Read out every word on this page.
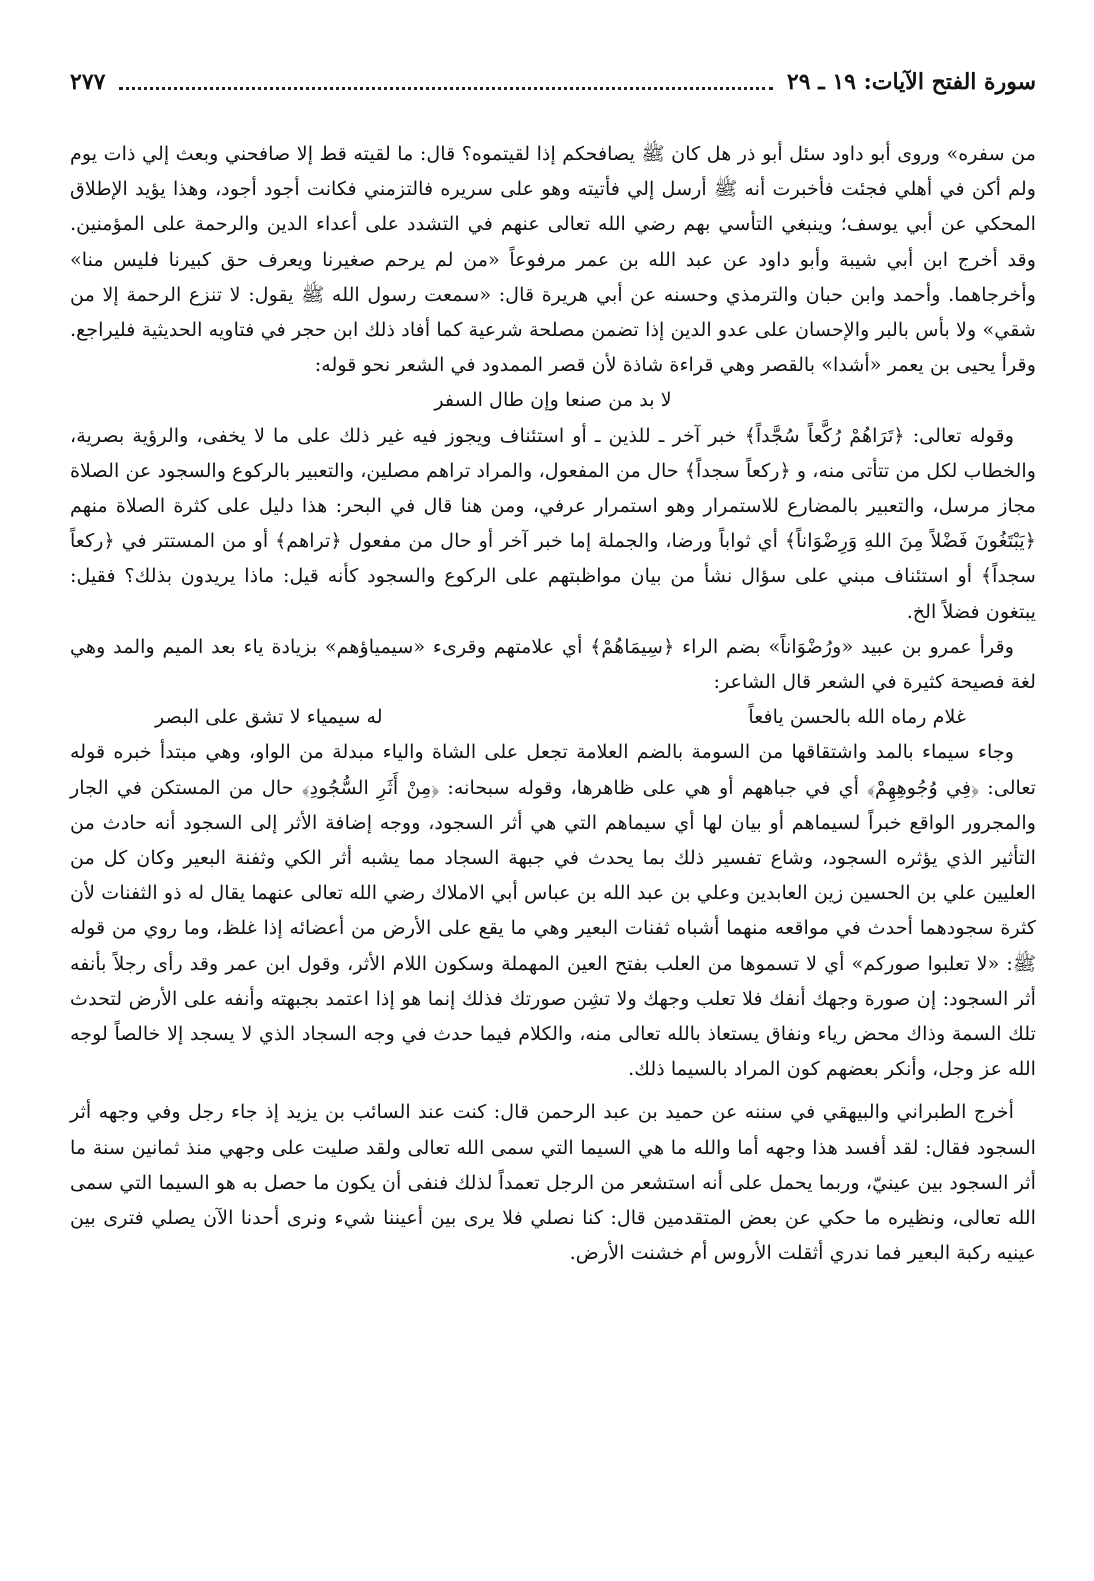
سورة الفتح الآيات: ١٩ ـ ٢٩
٢٧٧

من سفره» وروى أبو داود سئل أبو ذر هل كان ﷺ يصافحكم إذا لقيتموه؟ قال: ما لقيته قط إلا صافحني وبعث إلي ذات يوم ولم أكن في أهلي فجئت فأخبرت أنه ﷺ أرسل إلي فأتيته وهو على سريره فالتزمني فكانت أجود أجود، وهذا يؤيد الإطلاق المحكي عن أبي يوسف؛ وينبغي التأسي بهم رضي الله تعالى عنهم في التشدد على أعداء الدين والرحمة على المؤمنين. وقد أخرج ابن أبي شيبة وأبو داود عن عبد الله بن عمر مرفوعاً «من لم يرحم صغيرنا ويعرف حق كبيرنا فليس منا» وأخرجاهما. وأحمد وابن حبان والترمذي وحسنه عن أبي هريرة قال: «سمعت رسول الله ﷺ يقول: لا تنزع الرحمة إلا من شقي» ولا بأس بالبر والإحسان على عدو الدين إذا تضمن مصلحة شرعية كما أفاد ذلك ابن حجر في فتاويه الحديثية فليراجع. وقرأ يحيى بن يعمر «أشدا» بالقصر وهي قراءة شاذة لأن قصر الممدود في الشعر نحو قوله:

لا بد من صنعا وإن طال السفر

وقوله تعالى: ﴿تَرَاهُمْ رُكَّعاً سُجَّداً﴾ خبر آخر ـ للذين ـ أو استئناف ويجوز فيه غير ذلك على ما لا يخفى، والرؤية بصرية، والخطاب لكل من تتأتى منه، و ﴿ركعاً سجداً﴾ حال من المفعول، والمراد تراهم مصلين، والتعبير بالركوع والسجود عن الصلاة مجاز مرسل، والتعبير بالمضارع للاستمرار وهو استمرار عرفي، ومن هنا قال في البحر: هذا دليل على كثرة الصلاة منهم ﴿يَبْتَغُونَ فَضْلاً مِنَ اللهِ وَرِضْوَاناً﴾ أي ثواباً ورضا، والجملة إما خبر آخر أو حال من مفعول ﴿تراهم﴾ أو من المستتر في ﴿ركعاً سجداً﴾ أو استئناف مبني على سؤال نشأ من بيان مواظبتهم على الركوع والسجود كأنه قيل: ماذا يريدون بذلك؟ فقيل: يبتغون فضلاً الخ.

وقرأ عمرو بن عبيد «ورُضْوَاناً» بضم الراء ﴿سِيمَاهُمْ﴾ أي علامتهم وقرىء «سيمياؤهم» بزيادة ياء بعد الميم والمد وهي لغة فصيحة كثيرة في الشعر قال الشاعر:

غلام رماه الله بالحسن يافعاً
له سيمياء لا تشق على البصر

وجاء سيماء بالمد واشتقاقها من السومة بالضم العلامة تجعل على الشاة والياء مبدلة من الواو، وهي مبتدأ خبره قوله تعالى: ﴿فِي وُجُوهِهِمْ﴾ أي في جباههم أو هي على ظاهرها، وقوله سبحانه: ﴿مِنْ أَثَرِ السُّجُودِ﴾ حال من المستكن في الجار والمجرور الواقع خبراً لسيماهم أو بيان لها أي سيماهم التي هي أثر السجود، ووجه إضافة الأثر إلى السجود أنه حادث من التأثير الذي يؤثره السجود، وشاع تفسير ذلك بما يحدث في جبهة السجاد مما يشبه أثر الكي وثفنة البعير وكان كل من العليين علي بن الحسين زين العابدين وعلي بن عبد الله بن عباس أبي الاملاك رضي الله تعالى عنهما يقال له ذو الثفنات لأن كثرة سجودهما أحدث في مواقعه منهما أشباه ثفنات البعير وهي ما يقع على الأرض من أعضائه إذا غلظ، وما روي من قوله ﷺ: «لا تعلبوا صوركم» أي لا تسموها من العلب بفتح العين المهملة وسكون اللام الأثر، وقول ابن عمر وقد رأى رجلاً بأنفه أثر السجود: إن صورة وجهك أنفك فلا تعلب وجهك ولا تشِن صورتك فذلك إنما هو إذا اعتمد بجبهته وأنفه على الأرض لتحدث تلك السمة وذاك محض رياء ونفاق يستعاذ بالله تعالى منه، والكلام فيما حدث في وجه السجاد الذي لا يسجد إلا خالصاً لوجه الله عز وجل، وأنكر بعضهم كون المراد بالسيما ذلك.

أخرج الطبراني والبيهقي في سننه عن حميد بن عبد الرحمن قال: كنت عند السائب بن يزيد إذ جاء رجل وفي وجهه أثر السجود فقال: لقد أفسد هذا وجهه أما والله ما هي السيما التي سمى الله تعالى ولقد صليت على وجهي منذ ثمانين سنة ما أثر السجود بين عينيّ، وربما يحمل على أنه استشعر من الرجل تعمداً لذلك فنفى أن يكون ما حصل به هو السيما التي سمى الله تعالى، ونظيره ما حكي عن بعض المتقدمين قال: كنا نصلي فلا يرى بين أعيننا شيء ونرى أحدنا الآن يصلي فترى بين عينيه ركبة البعير فما ندري أثقلت الأروس أم خشنت الأرض.
